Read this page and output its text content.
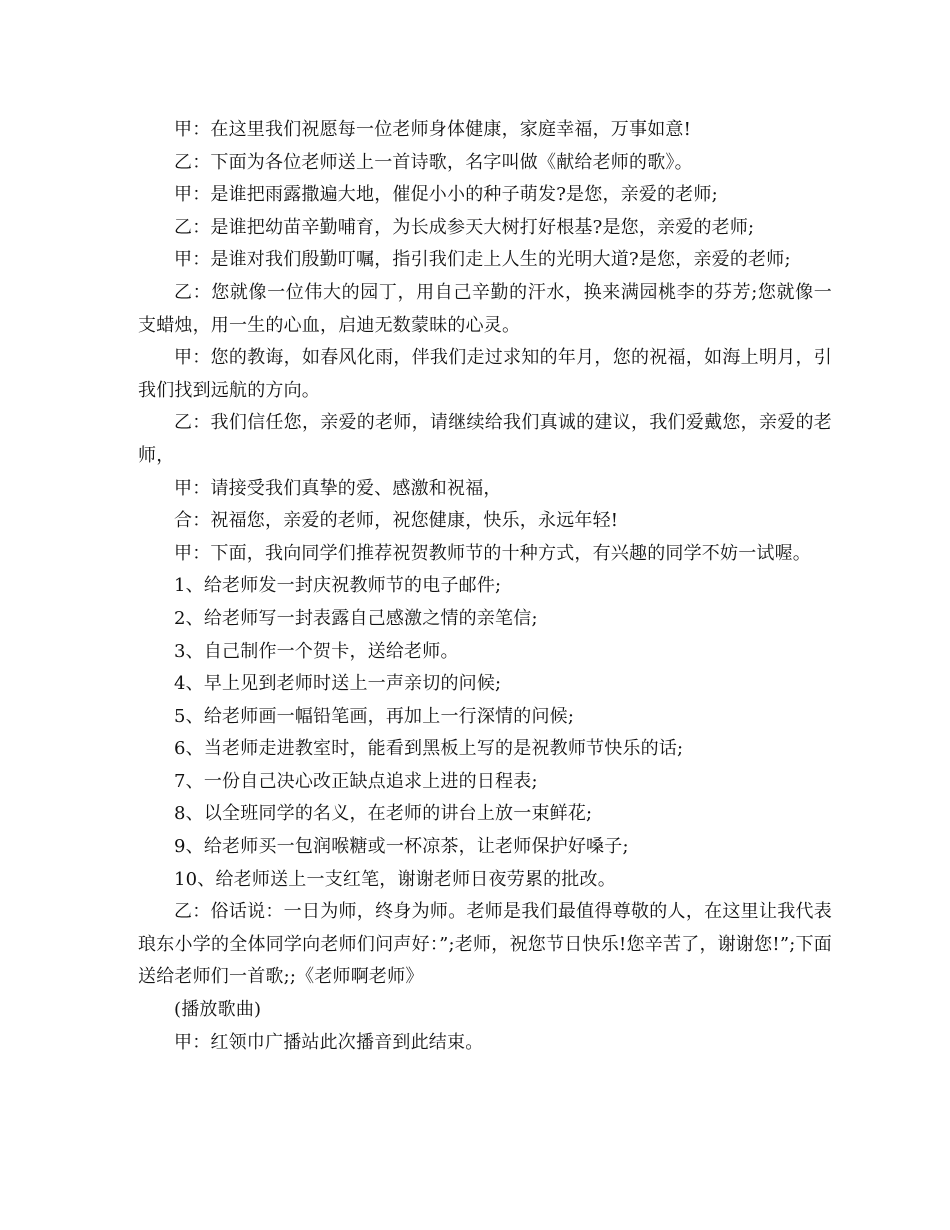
甲：在这里我们祝愿每一位老师身体健康，家庭幸福，万事如意!

乙：下面为各位老师送上一首诗歌，名字叫做《献给老师的歌》。

甲：是谁把雨露撒遍大地，催促小小的种子萌发?是您，亲爱的老师;

乙：是谁把幼苗辛勤哺育，为长成参天大树打好根基?是您，亲爱的老师;

甲：是谁对我们殷勤叮嘱，指引我们走上人生的光明大道?是您，亲爱的老师;

乙：您就像一位伟大的园丁，用自己辛勤的汗水，换来满园桃李的芬芳;您就像一支蜡烛，用一生的心血，启迪无数蒙昧的心灵。

甲：您的教诲，如春风化雨，伴我们走过求知的年月，您的祝福，如海上明月，引我们找到远航的方向。

乙：我们信任您，亲爱的老师，请继续给我们真诚的建议，我们爱戴您，亲爱的老师，

甲：请接受我们真挚的爱、感激和祝福，

合：祝福您，亲爱的老师，祝您健康，快乐，永远年轻!

甲：下面，我向同学们推荐祝贺教师节的十种方式，有兴趣的同学不妨一试喔。

1、给老师发一封庆祝教师节的电子邮件;

2、给老师写一封表露自己感激之情的亲笔信;

3、自己制作一个贺卡，送给老师。

4、早上见到老师时送上一声亲切的问候;

5、给老师画一幅铅笔画，再加上一行深情的问候;

6、当老师走进教室时，能看到黑板上写的是祝教师节快乐的话;

7、一份自己决心改正缺点追求上进的日程表;

8、以全班同学的名义，在老师的讲台上放一束鲜花;

9、给老师买一包润喉糖或一杯凉茶，让老师保护好嗓子;

10、给老师送上一支红笔，谢谢老师日夜劳累的批改。

乙：俗话说：一日为师，终身为师。老师是我们最值得尊敬的人，在这里让我代表琅东小学的全体同学向老师们问声好：”;老师，祝您节日快乐!您辛苦了，谢谢您!”;下面送给老师们一首歌;;《老师啊老师》

(播放歌曲)

甲：红领巾广播站此次播音到此结束。
